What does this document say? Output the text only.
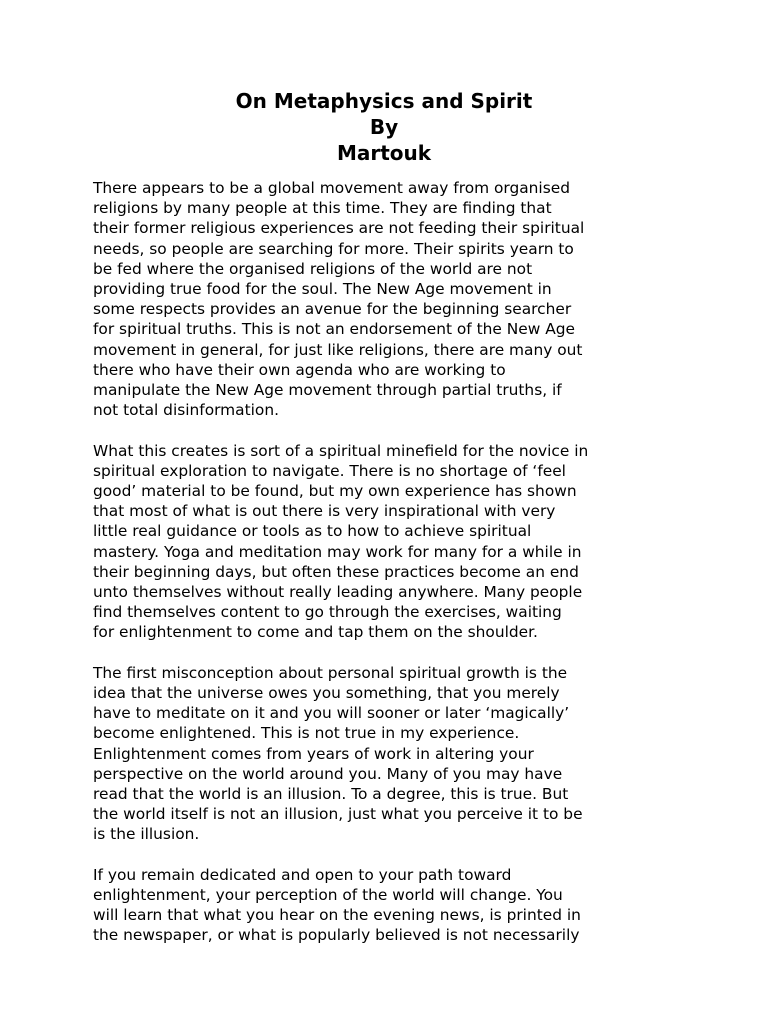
On Metaphysics and Spirit

By

Martouk

There appears to be a global movement away from organised
religions by many people at this time. They are finding that
their former religious experiences are not feeding their spiritual
needs, so people are searching for more. Their spirits yearn to
be fed where the organised religions of the world are not
providing true food for the soul. The New Age movement in
some respects provides an avenue for the beginning searcher
for spiritual truths. This is not an endorsement of the New Age
movement in general, for just like religions, there are many out
there who have their own agenda who are working to
manipulate the New Age movement through partial truths, if
not total disinformation.

What this creates is sort of a spiritual minefield for the novice in
spiritual exploration to navigate. There is no shortage of ‘feel
good’ material to be found, but my own experience has shown
that most of what is out there is very inspirational with very
little real guidance or tools as to how to achieve spiritual
mastery. Yoga and meditation may work for many for a while in
their beginning days, but often these practices become an end
unto themselves without really leading anywhere. Many people
find themselves content to go through the exercises, waiting
for enlightenment to come and tap them on the shoulder.

The first misconception about personal spiritual growth is the
idea that the universe owes you something, that you merely
have to meditate on it and you will sooner or later ‘magically’
become enlightened. This is not true in my experience.
Enlightenment comes from years of work in altering your
perspective on the world around you. Many of you may have
read that the world is an illusion. To a degree, this is true. But
the world itself is not an illusion, just what you perceive it to be
is the illusion.

If you remain dedicated and open to your path toward
enlightenment, your perception of the world will change. You
will learn that what you hear on the evening news, is printed in
the newspaper, or what is popularly believed is not necessarily
